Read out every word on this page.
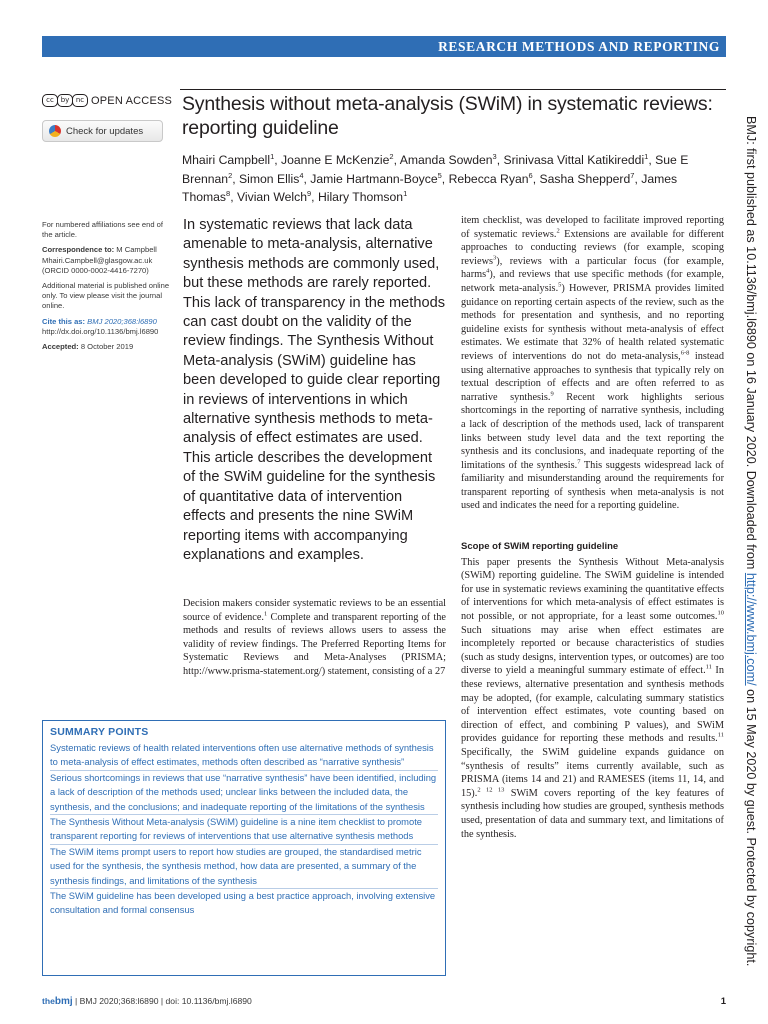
RESEARCH METHODS AND REPORTING
cc by nc OPEN ACCESS
Check for updates
Synthesis without meta-analysis (SWiM) in systematic reviews: reporting guideline
Mhairi Campbell$^1$, Joanne E McKenzie$^2$, Amanda Sowden$^3$, Srinivasa Vittal Katikireddi$^1$, Sue E Brennan$^2$, Simon Ellis$^4$, Jamie Hartmann-Boyce$^5$, Rebecca Ryan$^6$, Sasha Shepperd$^7$, James Thomas$^8$, Vivian Welch$^9$, Hilary Thomson$^1$

For numbered affiliations see end of the article.

Correspondence to: M Campbell
Mhairi.Campbell@glasgow.ac.uk
(ORCID 0000-0002-4416-7270)

Additional material is published online only. To view please visit the journal online.

Cite this as: BMJ 2020;368:l6890
http://dx.doi.org/10.1136/bmj.l6890

Accepted: 8 October 2019

In systematic reviews that lack data amenable to meta-analysis, alternative synthesis methods are commonly used, but these methods are rarely reported. This lack of transparency in the methods can cast doubt on the validity of the review findings. The Synthesis Without Meta-analysis (SWiM) guideline has been developed to guide clear reporting in reviews of interventions in which alternative synthesis methods to meta-analysis of effect estimates are used. This article describes the development of the SWiM guideline for the synthesis of quantitative data of intervention effects and presents the nine SWiM reporting items with accompanying explanations and examples.

Decision makers consider systematic reviews to be an essential source of evidence.$^1$ Complete and transparent reporting of the methods and results of reviews allows users to assess the validity of review findings. The Preferred Reporting Items for Systematic Reviews and Meta-Analyses (PRISMA; http://www.prisma-statement.org/) statement, consisting of a 27

item checklist, was developed to facilitate improved reporting of systematic reviews.$^2$ Extensions are available for different approaches to conducting reviews (for example, scoping reviews$^3$), reviews with a particular focus (for example, harms$^4$), and reviews that use specific methods (for example, network meta-analysis.$^5$) However, PRISMA provides limited guidance on reporting certain aspects of the review, such as the methods for presentation and synthesis, and no reporting guideline exists for synthesis without meta-analysis of effect estimates. We estimate that 32% of health related systematic reviews of interventions do not do meta-analysis,$^{6-8}$ instead using alternative approaches to synthesis that typically rely on textual description of effects and are often referred to as narrative synthesis.$^9$ Recent work highlights serious shortcomings in the reporting of narrative synthesis, including a lack of description of the methods used, lack of transparent links between study level data and the text reporting the synthesis and its conclusions, and inadequate reporting of the limitations of the synthesis.$^7$ This suggests widespread lack of familiarity and misunderstanding around the requirements for transparent reporting of synthesis when meta-analysis is not used and indicates the need for a reporting guideline.

Scope of SWiM reporting guideline

This paper presents the Synthesis Without Meta-analysis (SWiM) reporting guideline. The SWiM guideline is intended for use in systematic reviews examining the quantitative effects of interventions for which meta-analysis of effect estimates is not possible, or not appropriate, for a least some outcomes.$^{10}$ Such situations may arise when effect estimates are incompletely reported or because characteristics of studies (such as study designs, intervention types, or outcomes) are too diverse to yield a meaningful summary estimate of effect.$^{11}$ In these reviews, alternative presentation and synthesis methods may be adopted, (for example, calculating summary statistics of intervention effect estimates, vote counting based on direction of effect, and combining P values), and SWiM provides guidance for reporting these methods and results.$^{11}$ Specifically, the SWiM guideline expands guidance on “synthesis of results” items currently available, such as PRISMA (items 14 and 21) and RAMESES (items 11, 14, and 15).$^{2 12 13}$ SWiM covers reporting of the key features of synthesis including how studies are grouped, synthesis methods used, presentation of data and summary text, and limitations of the synthesis.

SUMMARY POINTS
Systematic reviews of health related interventions often use alternative methods of synthesis to meta-analysis of effect estimates, methods often described as “narrative synthesis”
Serious shortcomings in reviews that use “narrative synthesis” have been identified, including a lack of description of the methods used; unclear links between the included data, the synthesis, and the conclusions; and inadequate reporting of the limitations of the synthesis
The Synthesis Without Meta-analysis (SWiM) guideline is a nine item checklist to promote transparent reporting for reviews of interventions that use alternative synthesis methods
The SWiM items prompt users to report how studies are grouped, the standardised metric used for the synthesis, the synthesis method, how data are presented, a summary of the synthesis findings, and limitations of the synthesis
The SWiM guideline has been developed using a best practice approach, involving extensive consultation and formal consensus
BMJ: first published as 10.1136/bmj.l6890 on 16 January 2020. Downloaded from http://www.bmj.com/ on 15 May 2020 by guest. Protected by copyright.
thebmj | BMJ 2020;368:l6890 | doi: 10.1136/bmj.l6890	1
